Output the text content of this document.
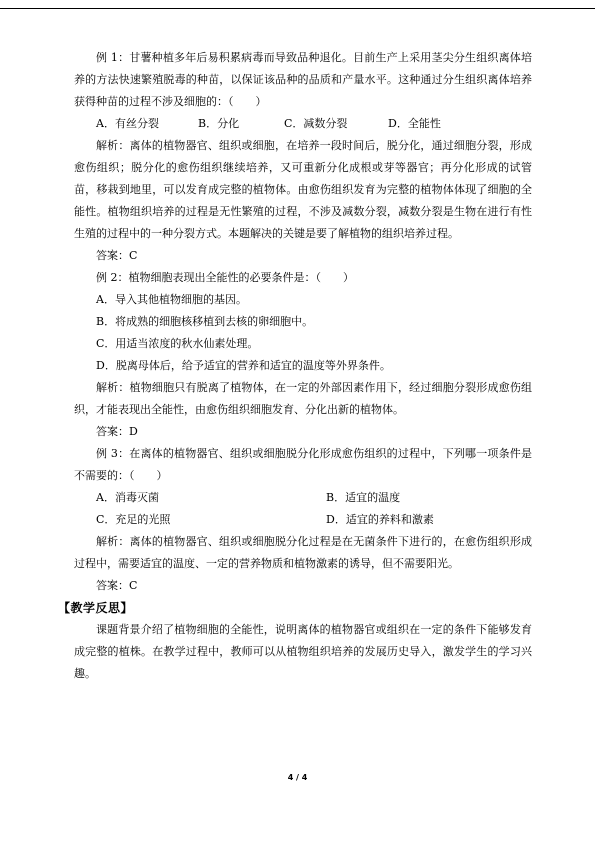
例 1：甘薯种植多年后易积累病毒而导致品种退化。目前生产上采用茎尖分生组织离体培养的方法快速繁殖脱毒的种苗，以保证该品种的品质和产量水平。这种通过分生组织离体培养获得种苗的过程不涉及细胞的：（　　）

A．有丝分裂	B．分化	C．减数分裂	D．全能性

解析：离体的植物器官、组织或细胞，在培养一段时间后，脱分化，通过细胞分裂，形成愈伤组织；脱分化的愈伤组织继续培养，又可重新分化成根或芽等器官；再分化形成的试管苗，移栽到地里，可以发育成完整的植物体。由愈伤组织发育为完整的植物体体现了细胞的全能性。植物组织培养的过程是无性繁殖的过程，不涉及减数分裂，减数分裂是生物在进行有性生殖的过程中的一种分裂方式。本题解决的关键是要了解植物的组织培养过程。

答案：C

例 2：植物细胞表现出全能性的必要条件是：（　　）

A．导入其他植物细胞的基因。

B．将成熟的细胞核移植到去核的卵细胞中。

C．用适当浓度的秋水仙素处理。

D．脱离母体后，给予适宜的营养和适宜的温度等外界条件。

解析：植物细胞只有脱离了植物体，在一定的外部因素作用下，经过细胞分裂形成愈伤组织，才能表现出全能性，由愈伤组织细胞发育、分化出新的植物体。

答案：D

例 3：在离体的植物器官、组织或细胞脱分化形成愈伤组织的过程中，下列哪一项条件是不需要的：（　　）

A．消毒灭菌	B．适宜的温度

C．充足的光照	D．适宜的养料和激素

解析：离体的植物器官、组织或细胞脱分化过程是在无菌条件下进行的，在愈伤组织形成过程中，需要适宜的温度、一定的营养物质和植物激素的诱导，但不需要阳光。

答案：C

【教学反思】

课题背景介绍了植物细胞的全能性，说明离体的植物器官或组织在一定的条件下能够发育成完整的植株。在教学过程中，教师可以从植物组织培养的发展历史导入，激发学生的学习兴趣。

4 / 4
